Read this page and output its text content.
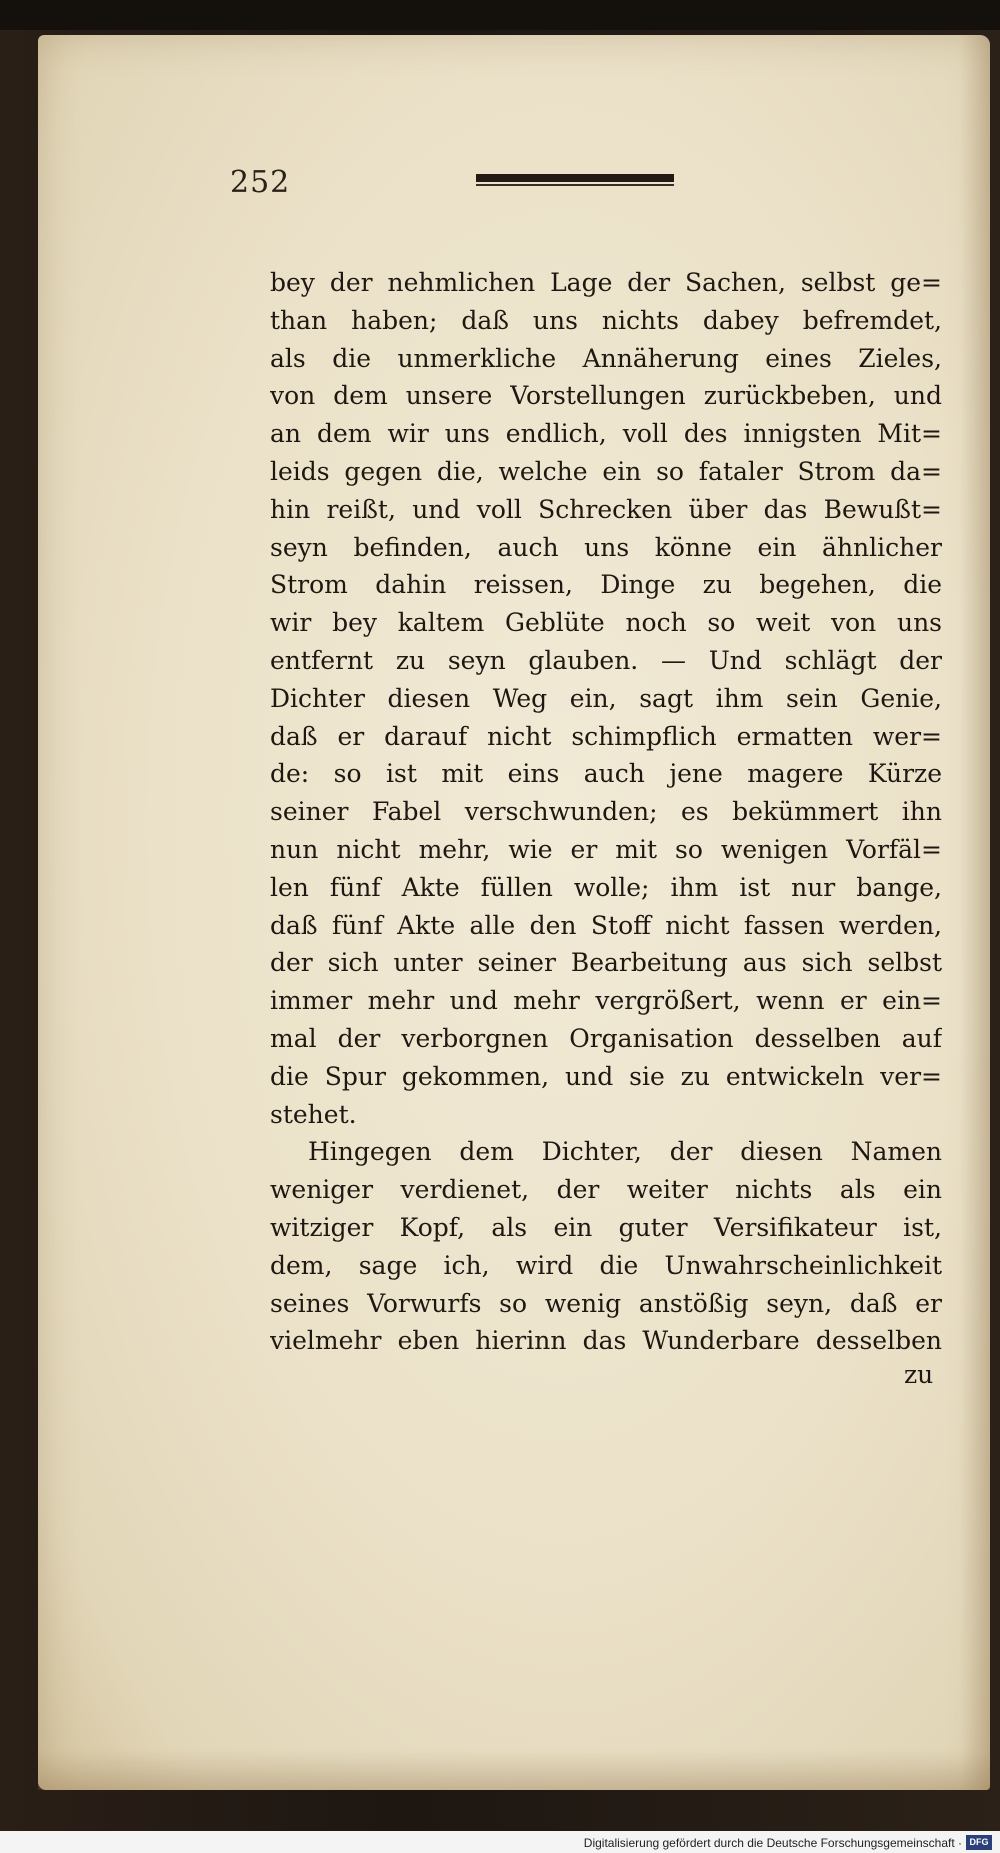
252
bey der nehmlichen Lage der Sachen, selbst ge=
than haben; daß uns nichts dabey befremdet,
als die unmerkliche Annäherung eines Zieles,
von dem unsere Vorstellungen zurückbeben, und
an dem wir uns endlich, voll des innigsten Mit=
leids gegen die, welche ein so fataler Strom da=
hin reißt, und voll Schrecken über das Bewußt=
seyn befinden, auch uns könne ein ähnlicher
Strom dahin reissen, Dinge zu begehen, die
wir bey kaltem Geblüte noch so weit von uns
entfernt zu seyn glauben. — Und schlägt der
Dichter diesen Weg ein, sagt ihm sein Genie,
daß er darauf nicht schimpflich ermatten wer=
de: so ist mit eins auch jene magere Kürze
seiner Fabel verschwunden; es bekümmert ihn
nun nicht mehr, wie er mit so wenigen Vorfäl=
len fünf Akte füllen wolle; ihm ist nur bange,
daß fünf Akte alle den Stoff nicht fassen werden,
der sich unter seiner Bearbeitung aus sich selbst
immer mehr und mehr vergrößert, wenn er ein=
mal der verborgnen Organisation desselben auf
die Spur gekommen, und sie zu entwickeln ver=
stehet.
Hingegen dem Dichter, der diesen Namen
weniger verdienet, der weiter nichts als ein
witziger Kopf, als ein guter Versifikateur ist,
dem, sage ich, wird die Unwahrscheinlichkeit
seines Vorwurfs so wenig anstößig seyn, daß er
vielmehr eben hierinn das Wunderbare desselben
zu
Digitalisierung gefördert durch die Deutsche Forschungsgemeinschaft · DFG
